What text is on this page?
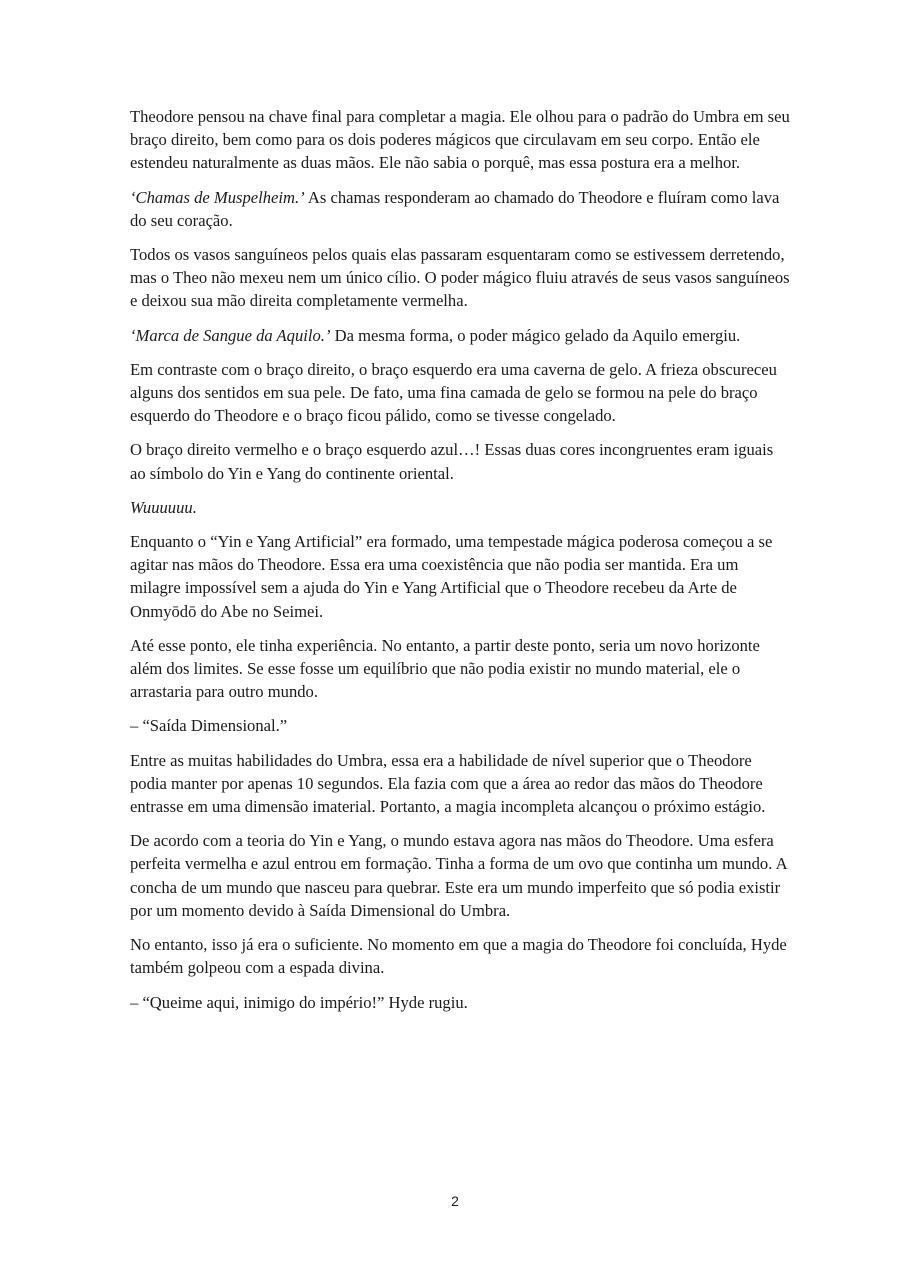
Theodore pensou na chave final para completar a magia. Ele olhou para o padrão do Umbra em seu braço direito, bem como para os dois poderes mágicos que circulavam em seu corpo. Então ele estendeu naturalmente as duas mãos. Ele não sabia o porquê, mas essa postura era a melhor.

‘Chamas de Muspelheim.’ As chamas responderam ao chamado do Theodore e fluíram como lava do seu coração.

Todos os vasos sanguíneos pelos quais elas passaram esquentaram como se estivessem derretendo, mas o Theo não mexeu nem um único cílio. O poder mágico fluiu através de seus vasos sanguíneos e deixou sua mão direita completamente vermelha.

‘Marca de Sangue da Aquilo.’ Da mesma forma, o poder mágico gelado da Aquilo emergiu.

Em contraste com o braço direito, o braço esquerdo era uma caverna de gelo. A frieza obscureceu alguns dos sentidos em sua pele. De fato, uma fina camada de gelo se formou na pele do braço esquerdo do Theodore e o braço ficou pálido, como se tivesse congelado.

O braço direito vermelho e o braço esquerdo azul…! Essas duas cores incongruentes eram iguais ao símbolo do Yin e Yang do continente oriental.

Wuuuuuu.

Enquanto o “Yin e Yang Artificial” era formado, uma tempestade mágica poderosa começou a se agitar nas mãos do Theodore. Essa era uma coexistência que não podia ser mantida. Era um milagre impossível sem a ajuda do Yin e Yang Artificial que o Theodore recebeu da Arte de Onmyōdō do Abe no Seimei.

Até esse ponto, ele tinha experiência. No entanto, a partir deste ponto, seria um novo horizonte além dos limites. Se esse fosse um equilíbrio que não podia existir no mundo material, ele o arrastaria para outro mundo.

– “Saída Dimensional.”

Entre as muitas habilidades do Umbra, essa era a habilidade de nível superior que o Theodore podia manter por apenas 10 segundos. Ela fazia com que a área ao redor das mãos do Theodore entrasse em uma dimensão imaterial. Portanto, a magia incompleta alcançou o próximo estágio.

De acordo com a teoria do Yin e Yang, o mundo estava agora nas mãos do Theodore. Uma esfera perfeita vermelha e azul entrou em formação. Tinha a forma de um ovo que continha um mundo. A concha de um mundo que nasceu para quebrar. Este era um mundo imperfeito que só podia existir por um momento devido à Saída Dimensional do Umbra.

No entanto, isso já era o suficiente. No momento em que a magia do Theodore foi concluída, Hyde também golpeou com a espada divina.

– “Queime aqui, inimigo do império!” Hyde rugiu.

2
